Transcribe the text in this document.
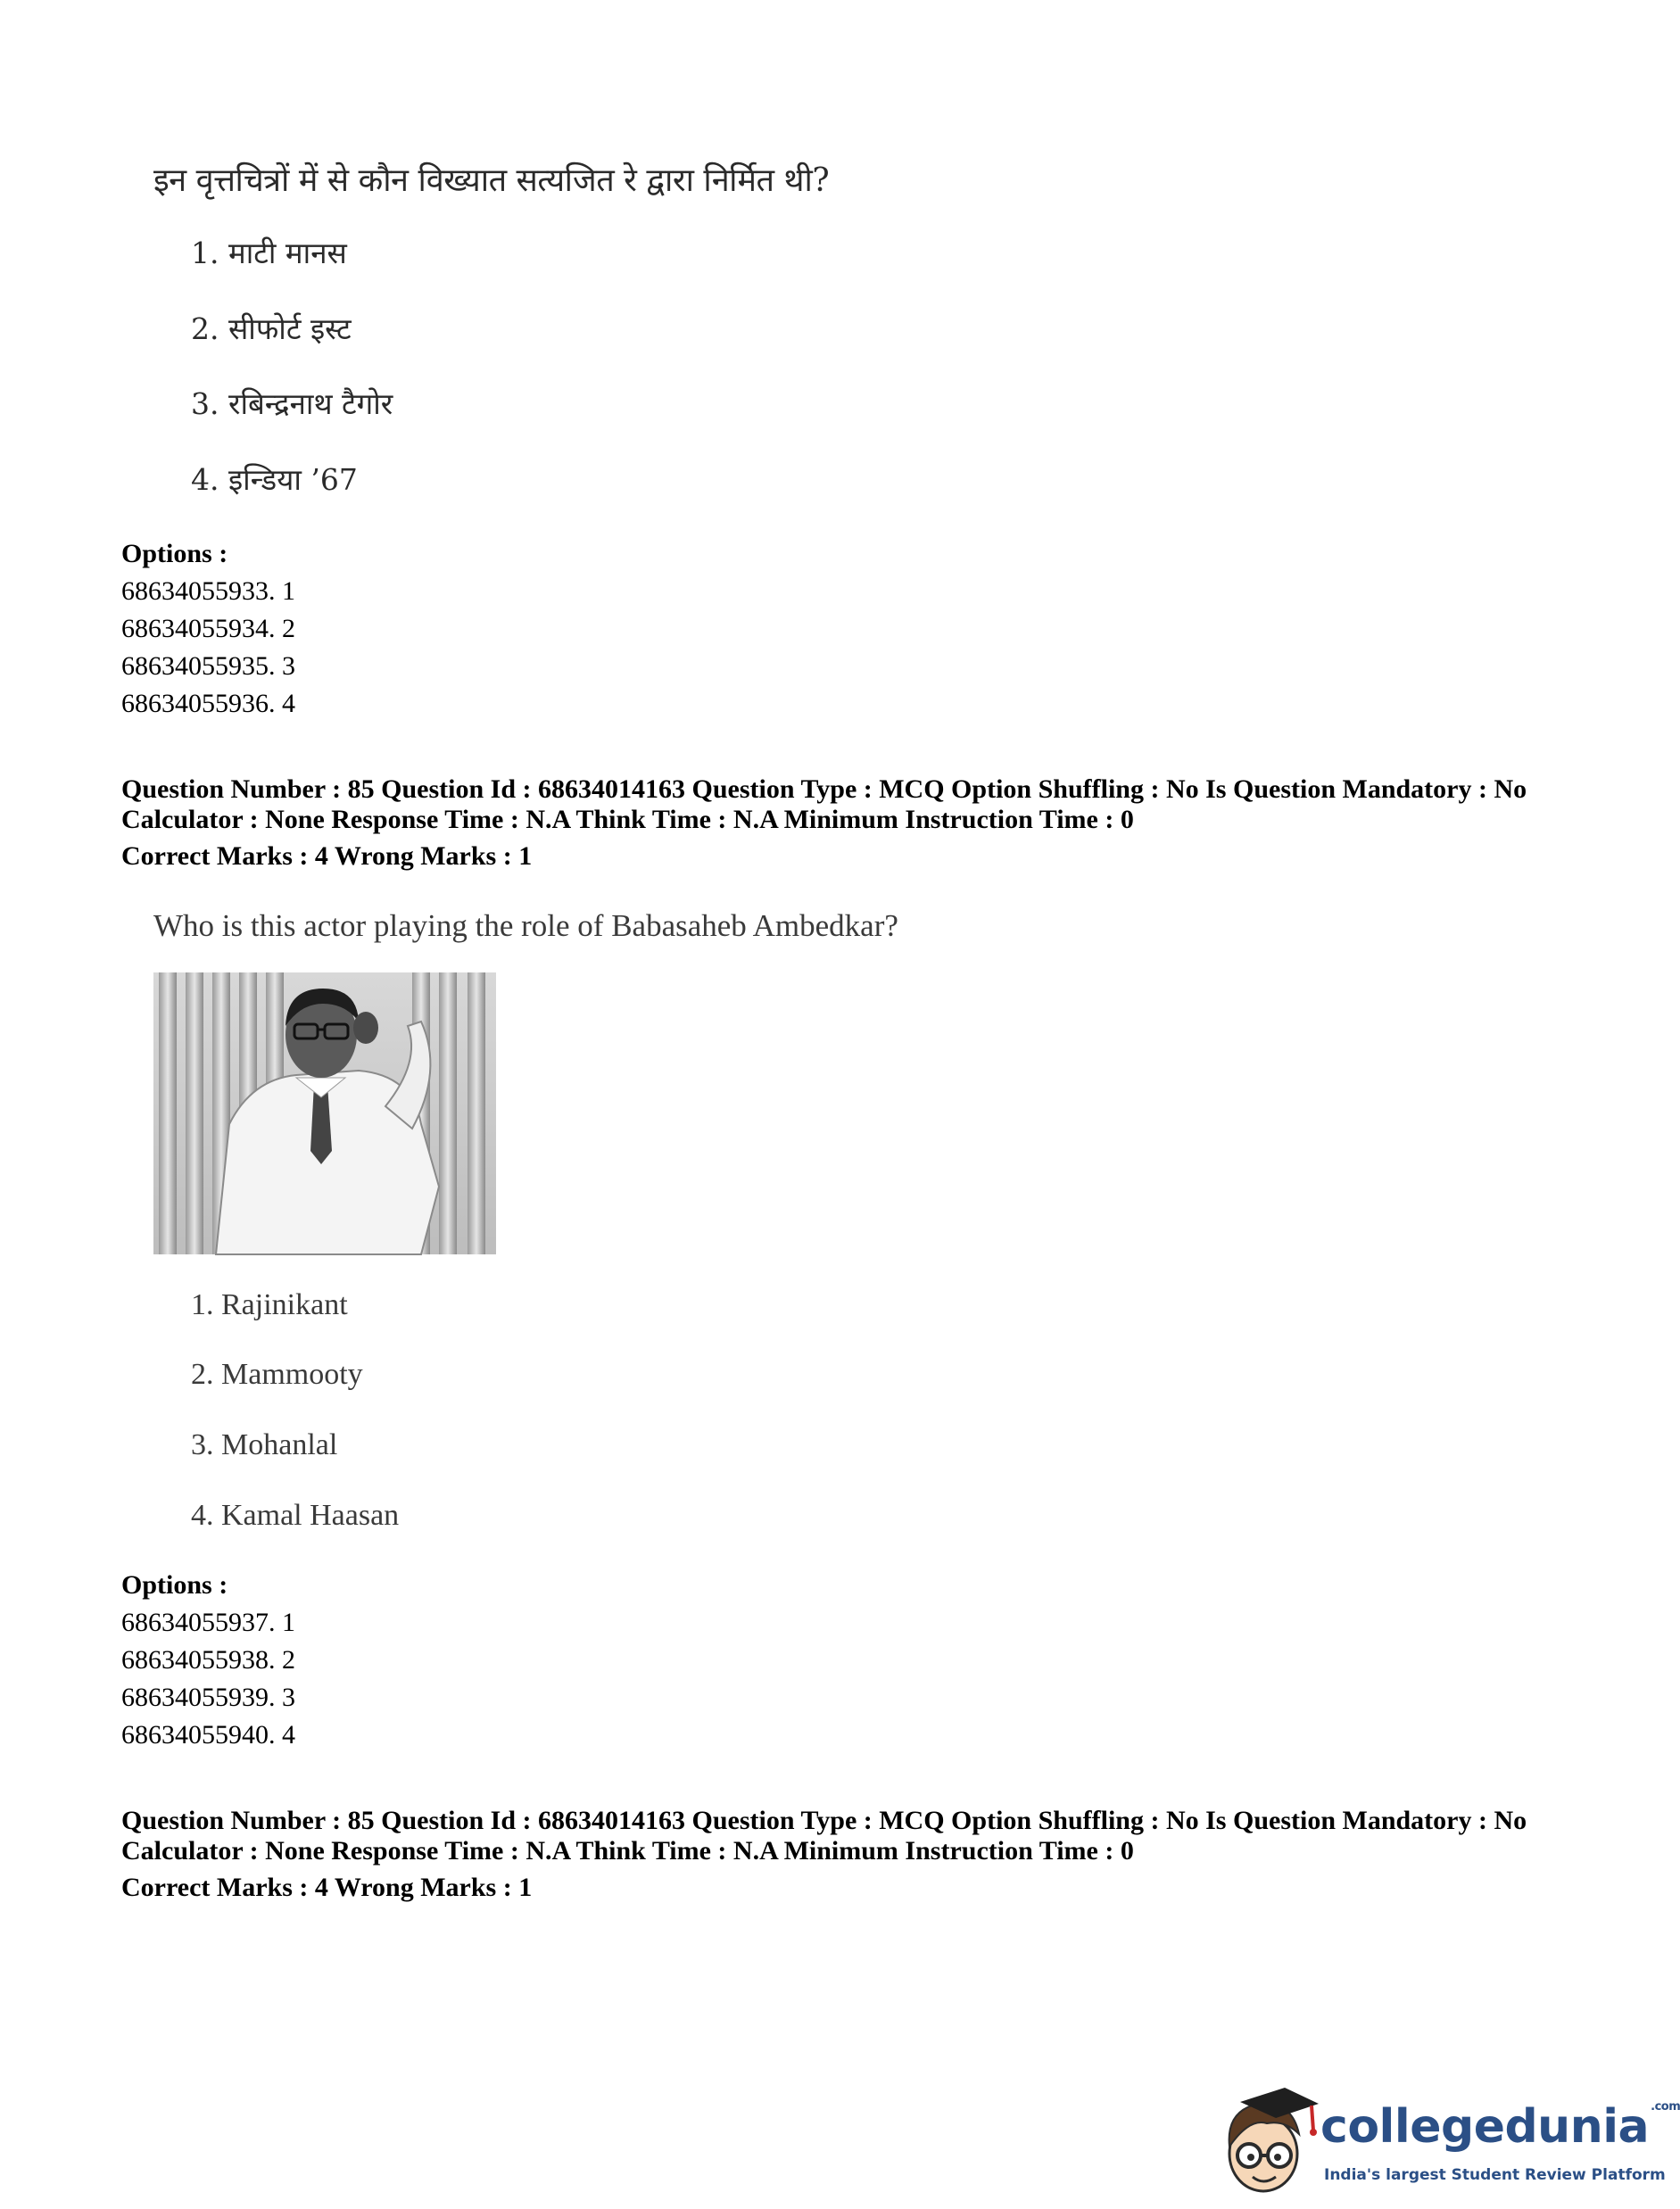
इन वृत्तचित्रों में से कौन विख्यात सत्यजित रे द्वारा निर्मित थी?
1. माटी मानस
2. सीफोर्ट इस्ट
3. रबिन्द्रनाथ टैगोर
4. इन्डिया ’67
Options :
68634055933. 1
68634055934. 2
68634055935. 3
68634055936. 4
Question Number : 85 Question Id : 68634014163 Question Type : MCQ Option Shuffling : No Is Question Mandatory : No Calculator : None Response Time : N.A Think Time : N.A Minimum Instruction Time : 0
Correct Marks : 4 Wrong Marks : 1
Who is this actor playing the role of Babasaheb Ambedkar?
1. Rajinikant
2. Mammooty
3. Mohanlal
4. Kamal Haasan
Options :
68634055937. 1
68634055938. 2
68634055939. 3
68634055940. 4
Question Number : 85 Question Id : 68634014163 Question Type : MCQ Option Shuffling : No Is Question Mandatory : No Calculator : None Response Time : N.A Think Time : N.A Minimum Instruction Time : 0
Correct Marks : 4 Wrong Marks : 1
collegedunia $^{.com}$
India's largest Student Review Platform
